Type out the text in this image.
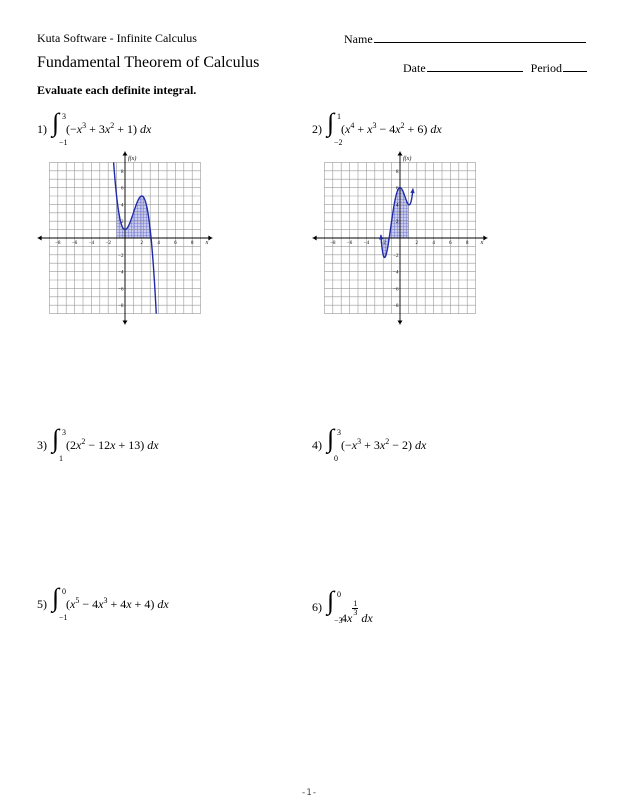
Kuta Software - Infinite Calculus	Name
Fundamental Theorem of Calculus	Date	Period
Evaluate each definite integral.
1) ∫ 3
−1
$(-x^3 + 3x^2 + 1)$ dx	2) ∫ 1
−2
$(x^4 + x^3 - 4x^2 + 6)$ dx
−8 −6 −4 −2	2	4	6	8
8
6
4
2
−2
−4
−6
−8
f(x)
x	−8 −6 −4 −2	2	4	6	8
8
6
4
2
−2
−4
−6
−8
f(x)
x
3) ∫ 3
1
$(2x^2 - 12x + 13)$ dx	4) ∫ 3
0
$(-x^3 + 3x^2 - 2)$ dx
5) ∫ 0
−1
$(x^5 - 4x^3 + 4x + 4)$ dx	6) ∫ 0
−3
4x
$\frac{1}{3}$
dx
-1-
